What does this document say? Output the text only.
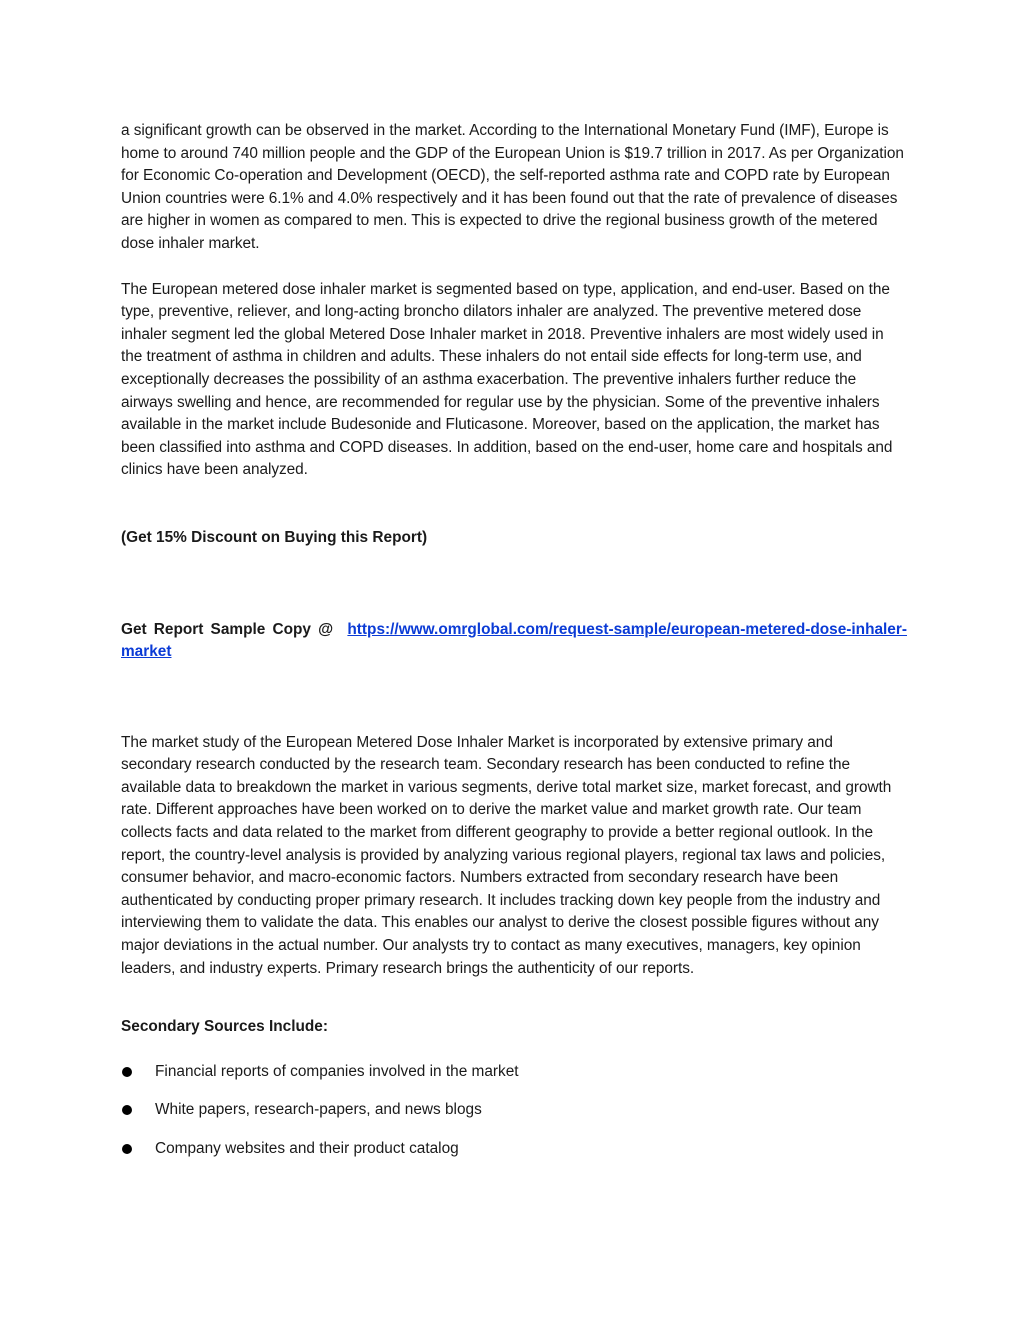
a significant growth can be observed in the market. According to the International Monetary Fund (IMF), Europe is home to around 740 million people and the GDP of the European Union is $19.7 trillion in 2017. As per Organization for Economic Co-operation and Development (OECD), the self-reported asthma rate and COPD rate by European Union countries were 6.1% and 4.0% respectively and it has been found out that the rate of prevalence of diseases are higher in women as compared to men. This is expected to drive the regional business growth of the metered dose inhaler market.

The European metered dose inhaler market is segmented based on type, application, and end-user. Based on the type, preventive, reliever, and long-acting broncho dilators inhaler are analyzed. The preventive metered dose inhaler segment led the global Metered Dose Inhaler market in 2018. Preventive inhalers are most widely used in the treatment of asthma in children and adults. These inhalers do not entail side effects for long-term use, and exceptionally decreases the possibility of an asthma exacerbation. The preventive inhalers further reduce the airways swelling and hence, are recommended for regular use by the physician. Some of the preventive inhalers available in the market include Budesonide and Fluticasone. Moreover, based on the application, the market has been classified into asthma and COPD diseases. In addition, based on the end-user, home care and hospitals and clinics have been analyzed.

(Get 15% Discount on Buying this Report)

Get Report Sample Copy @ https://www.omrglobal.com/request-sample/european-metered-dose-inhaler-market

The market study of the European Metered Dose Inhaler Market is incorporated by extensive primary and secondary research conducted by the research team. Secondary research has been conducted to refine the available data to breakdown the market in various segments, derive total market size, market forecast, and growth rate. Different approaches have been worked on to derive the market value and market growth rate. Our team collects facts and data related to the market from different geography to provide a better regional outlook. In the report, the country-level analysis is provided by analyzing various regional players, regional tax laws and policies, consumer behavior, and macro-economic factors. Numbers extracted from secondary research have been authenticated by conducting proper primary research. It includes tracking down key people from the industry and interviewing them to validate the data. This enables our analyst to derive the closest possible figures without any major deviations in the actual number. Our analysts try to contact as many executives, managers, key opinion leaders, and industry experts. Primary research brings the authenticity of our reports.

Secondary Sources Include:

Financial reports of companies involved in the market
White papers, research-papers, and news blogs
Company websites and their product catalog
